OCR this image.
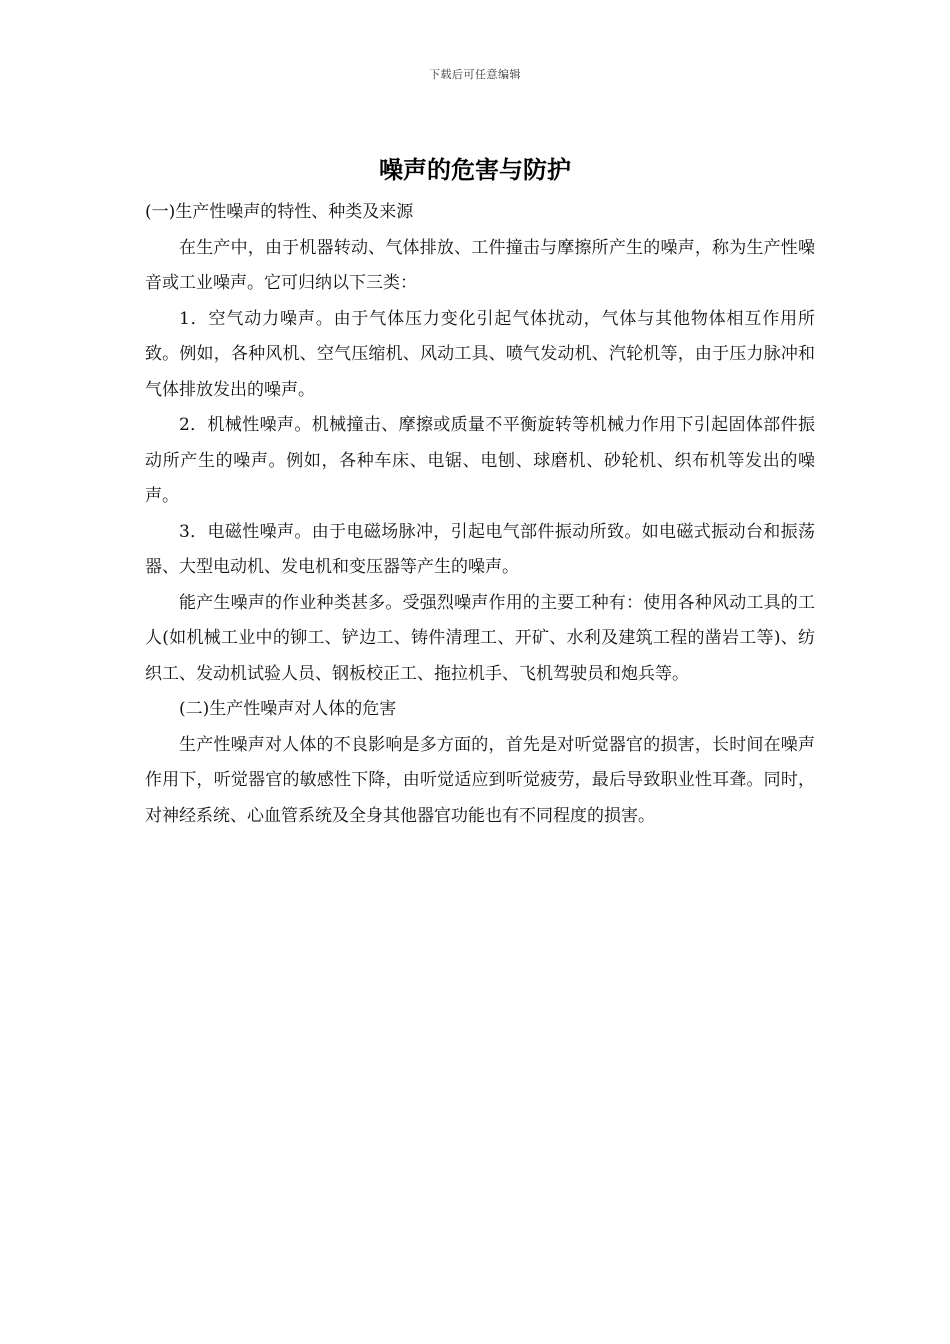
下载后可任意编辑
噪声的危害与防护

(一)生产性噪声的特性、种类及来源

在生产中，由于机器转动、气体排放、工件撞击与摩擦所产生的噪声，称为生产性噪音或工业噪声。它可归纳以下三类：

1．空气动力噪声。由于气体压力变化引起气体扰动，气体与其他物体相互作用所致。例如，各种风机、空气压缩机、风动工具、喷气发动机、汽轮机等，由于压力脉冲和气体排放发出的噪声。

2．机械性噪声。机械撞击、摩擦或质量不平衡旋转等机械力作用下引起固体部件振动所产生的噪声。例如，各种车床、电锯、电刨、球磨机、砂轮机、织布机等发出的噪声。

3．电磁性噪声。由于电磁场脉冲，引起电气部件振动所致。如电磁式振动台和振荡器、大型电动机、发电机和变压器等产生的噪声。

能产生噪声的作业种类甚多。受强烈噪声作用的主要工种有：使用各种风动工具的工人(如机械工业中的铆工、铲边工、铸件清理工、开矿、水利及建筑工程的凿岩工等)、纺织工、发动机试验人员、钢板校正工、拖拉机手、飞机驾驶员和炮兵等。

(二)生产性噪声对人体的危害

生产性噪声对人体的不良影响是多方面的，首先是对听觉器官的损害，长时间在噪声作用下，听觉器官的敏感性下降，由听觉适应到听觉疲劳，最后导致职业性耳聋。同时，对神经系统、心血管系统及全身其他器官功能也有不同程度的损害。
